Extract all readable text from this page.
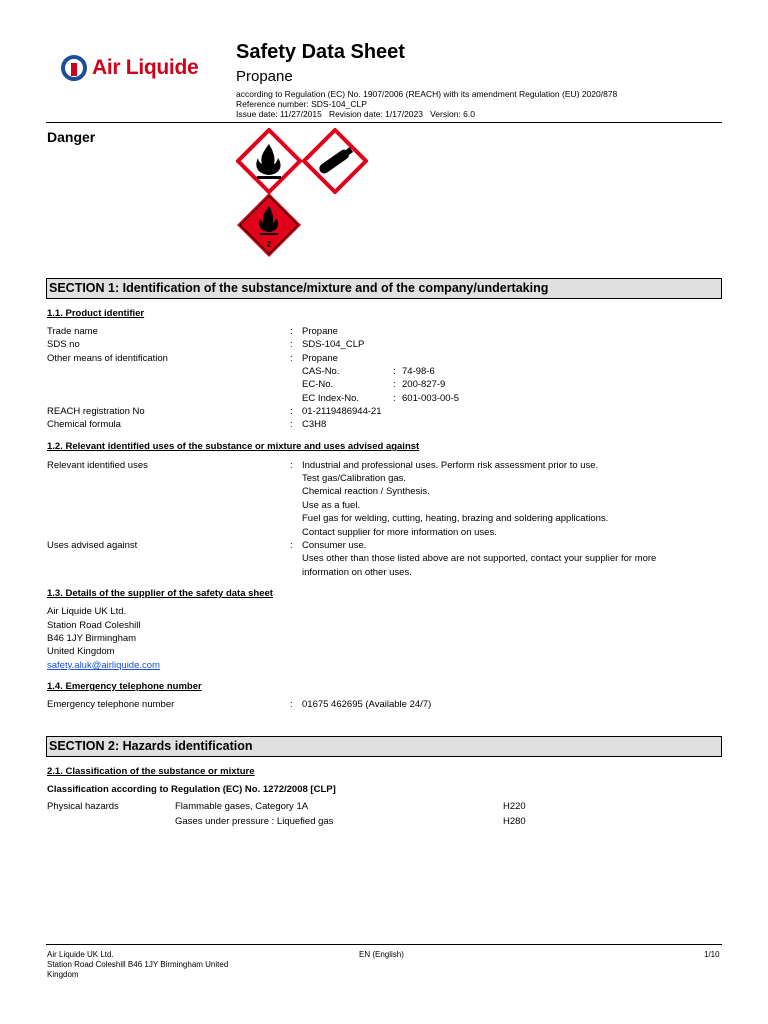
Air Liquide
Safety Data Sheet
Propane
according to Regulation (EC) No. 1907/2006 (REACH) with its amendment Regulation (EU) 2020/878
Reference number: SDS-104_CLP
Issue date: 11/27/2015   Revision date: 1/17/2023   Version: 6.0
Danger
2
SECTION 1: Identification of the substance/mixture and of the company/undertaking
1.1. Product identifier
Trade name	: Propane
SDS no	: SDS-104_CLP
Other means of identification	: Propane
CAS-No.	: 74-98-6
EC-No.	: 200-827-9
EC Index-No.	: 601-003-00-5
REACH registration No	: 01-2119486944-21
Chemical formula	: C3H8
1.2. Relevant identified uses of the substance or mixture and uses advised against
Relevant identified uses	: Industrial and professional uses. Perform risk assessment prior to use.
Test gas/Calibration gas.
Chemical reaction / Synthesis.
Use as a fuel.
Fuel gas for welding, cutting, heating, brazing and soldering applications.
Contact supplier for more information on uses.
Uses advised against	: Consumer use.
Uses other than those listed above are not supported, contact your supplier for more
information on other uses.
1.3. Details of the supplier of the safety data sheet
Air Liquide UK Ltd.
Station Road Coleshill
B46 1JY Birmingham
United Kingdom
safety.aluk@airliquide.com
1.4. Emergency telephone number
Emergency telephone number	: 01675 462695 (Available 24/7)
SECTION 2: Hazards identification
2.1. Classification of the substance or mixture
Classification according to Regulation (EC) No. 1272/2008 [CLP]
Physical hazards	Flammable gases, Category 1A	H220
Gases under pressure : Liquefied gas	H280
Air Liquide UK Ltd.
Station Road Coleshill B46 1JY Birmingham United
Kingdom
EN (English)	1/10
